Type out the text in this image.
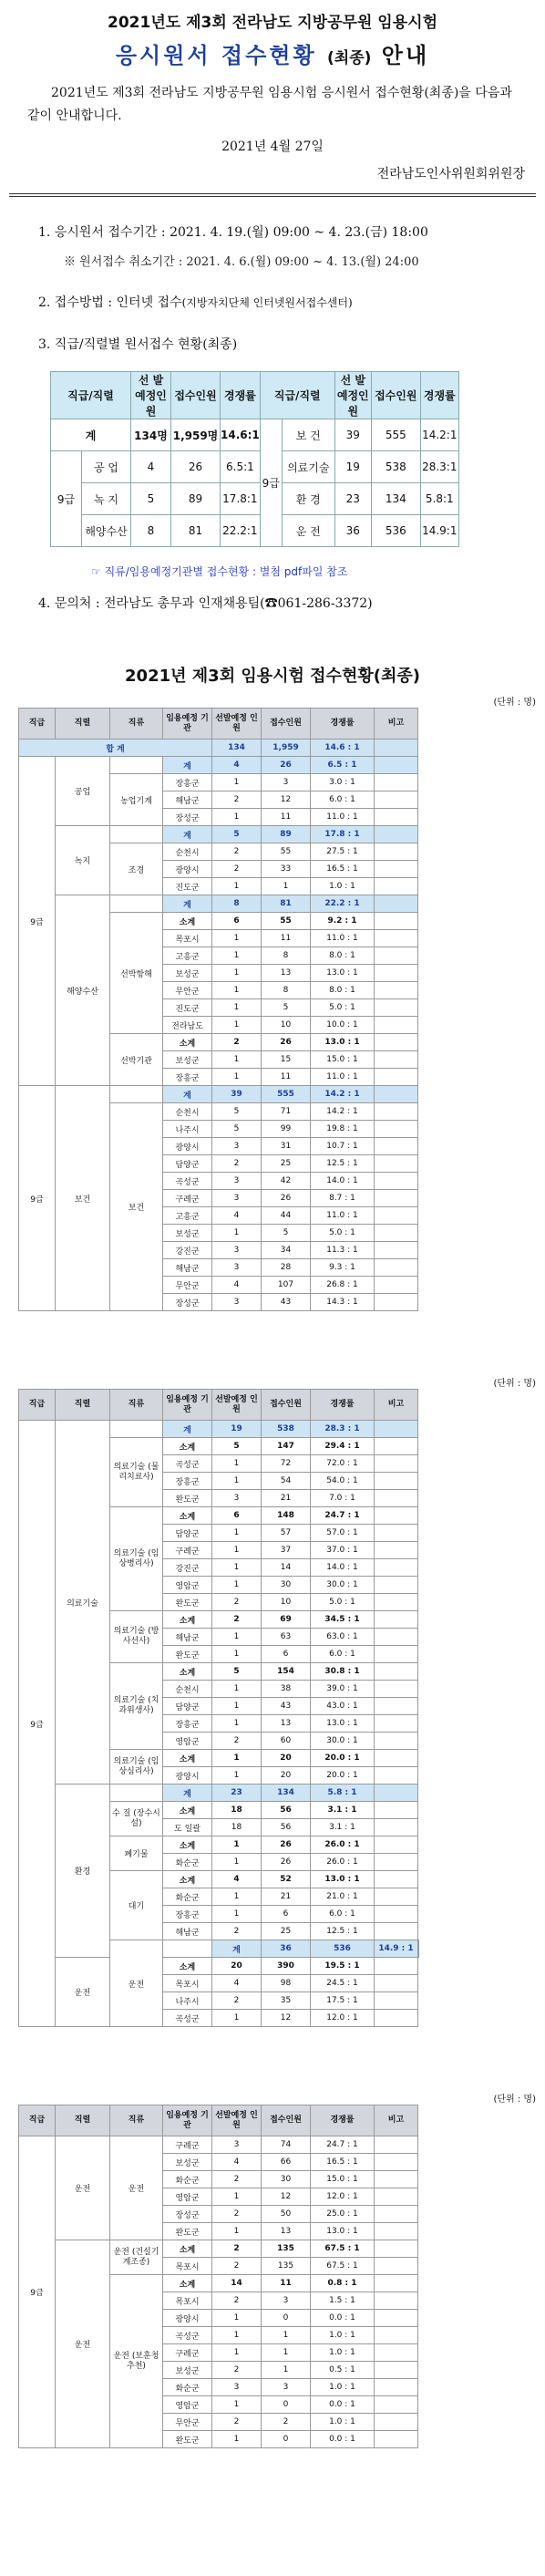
2021년도 제3회 전라남도 지방공무원 임용시험
응시원서 접수현황 (최종) 안내
2021년도 제3회 전라남도 지방공무원 임용시험 응시원서 접수현황(최종)을 다음과 같이 안내합니다.
2021년 4월 27일
전라남도인사위원회위원장
1. 응시원서 접수기간 : 2021. 4. 19.(월) 09:00 ~ 4. 23.(금) 18:00
※ 원서접수 취소기간 : 2021. 4. 6.(월) 09:00 ~ 4. 13.(월) 24:00
2. 접수방법 : 인터넷 접수(지방자치단체 인터넷원서접수센터)
3. 직급/직렬별 원서접수 현황(최종)
직급/직렬		선 발 예정인원	접수인원	경쟁률	직급/직렬		선 발 예정인원	접수인원	경쟁률
계		134명	1,959명	14.6:1	9급	보 건	39	555	14.2:1
9급	공 업	4	26	6.5:1		의료기술	19	538	28.3:1
	녹 지	5	89	17.8:1		환 경	23	134	5.8:1
	해양수산	8	81	22.2:1		운 전	36	536	14.9:1
☞ 직류/임용예정기관별 접수현황 : 별첨 pdf파일 참조
4. 문의처 : 전라남도 총무과 인재채용팀(☎061-286-3372)
2021년 제3회 임용시험 접수현황(최종)
(단위 : 명)
직급	직렬	직류	임용예정 기 관	선발예정 인 원	접수인원	경쟁률	비고
합 계				134	1,959	14.6 : 1	
9급	공업		계	4	26	6.5 : 1	
		농업기계	장흥군	1	3	3.0 : 1	
			해남군	2	12	6.0 : 1	
			장성군	1	11	11.0 : 1	
	녹지		계	5	89	17.8 : 1	
		조경	순천시	2	55	27.5 : 1	
			광양시	2	33	16.5 : 1	
			진도군	1	1	1.0 : 1	
	해양수산		계	8	81	22.2 : 1	
		선박항해	소계	6	55	9.2 : 1	
			목포시	1	11	11.0 : 1	
			고흥군	1	8	8.0 : 1	
			보성군	1	13	13.0 : 1	
			무안군	1	8	8.0 : 1	
			진도군	1	5	5.0 : 1	
			전라남도	1	10	10.0 : 1	
		선박기관	소계	2	26	13.0 : 1	
			보성군	1	15	15.0 : 1	
			장흥군	1	11	11.0 : 1	
9급	보건		계	39	555	14.2 : 1	
		보건	순천시	5	71	14.2 : 1	
			나주시	5	99	19.8 : 1	
			광양시	3	31	10.7 : 1	
			담양군	2	25	12.5 : 1	
			곡성군	3	42	14.0 : 1	
			구례군	3	26	8.7 : 1	
			고흥군	4	44	11.0 : 1	
			보성군	1	5	5.0 : 1	
			강진군	3	34	11.3 : 1	
			해남군	3	28	9.3 : 1	
			무안군	4	107	26.8 : 1	
			장성군	3	43	14.3 : 1	
(단위 : 명)
직급	직렬	직류	임용예정 기 관	선발예정 인 원	접수인원	경쟁률	비고	
9급	의료기술		계	19	538	28.3 : 1		
		의료기술 (물리치료사)	소계	5	147	29.4 : 1		
			곡성군	1	72	72.0 : 1		
			장흥군	1	54	54.0 : 1		
			완도군	3	21	7.0 : 1		
		의료기술 (임상병리사)	소계	6	148	24.7 : 1		
			담양군	1	57	57.0 : 1		
			구례군	1	37	37.0 : 1		
			강진군	1	14	14.0 : 1		
			영암군	1	30	30.0 : 1		
			완도군	2	10	5.0 : 1		
		의료기술 (방사선사)	소계	2	69	34.5 : 1		
			해남군	1	63	63.0 : 1		
			완도군	1	6	6.0 : 1		
		의료기술 (치과위생사)	소계	5	154	30.8 : 1		
			순천시	1	38	39.0 : 1		
			담양군	1	43	43.0 : 1		
			장흥군	1	13	13.0 : 1		
			영암군	2	60	30.0 : 1		
		의료기술 (임상심리사)	소계	1	20	20.0 : 1		
			광양시	1	20	20.0 : 1		
	환경		계	23	134	5.8 : 1		
		수 질 (장수시설)	소계	18	56	3.1 : 1		
			도 일괄	18	56	3.1 : 1		
		폐기물	소계	1	26	26.0 : 1		
			화순군	1	26	26.0 : 1		
		대기	소계	4	52	13.0 : 1		
			화순군	1	21	21.0 : 1		
			장흥군	1	6	6.0 : 1		
			해남군	2	25	12.5 : 1		
		운전		계	36	536	14.9 : 1	
	운전		소계	20	390	19.5 : 1		
			목포시	4	98	24.5 : 1		
			나주시	2	35	17.5 : 1		
			곡성군	1	12	12.0 : 1		
(단위 : 명)
직급	직렬	직류	임용예정 기 관	선발예정 인 원	접수인원	경쟁률	비고
9급	운전	운전	구례군	3	74	24.7 : 1	
			보성군	4	66	16.5 : 1	
			화순군	2	30	15.0 : 1	
			영암군	1	12	12.0 : 1	
			장성군	2	50	25.0 : 1	
			완도군	1	13	13.0 : 1	
	운전	운전 (건설기계조종)	소계	2	135	67.5 : 1	
			목포시	2	135	67.5 : 1	
		운전 (보훈청추천)	소계	14	11	0.8 : 1	
			목포시	2	3	1.5 : 1	
			광양시	1	0	0.0 : 1	
			곡성군	1	1	1.0 : 1	
			구례군	1	1	1.0 : 1	
			보성군	2	1	0.5 : 1	
			화순군	3	3	1.0 : 1	
			영암군	1	0	0.0 : 1	
			무안군	2	2	1.0 : 1	
			완도군	1	0	0.0 : 1	
